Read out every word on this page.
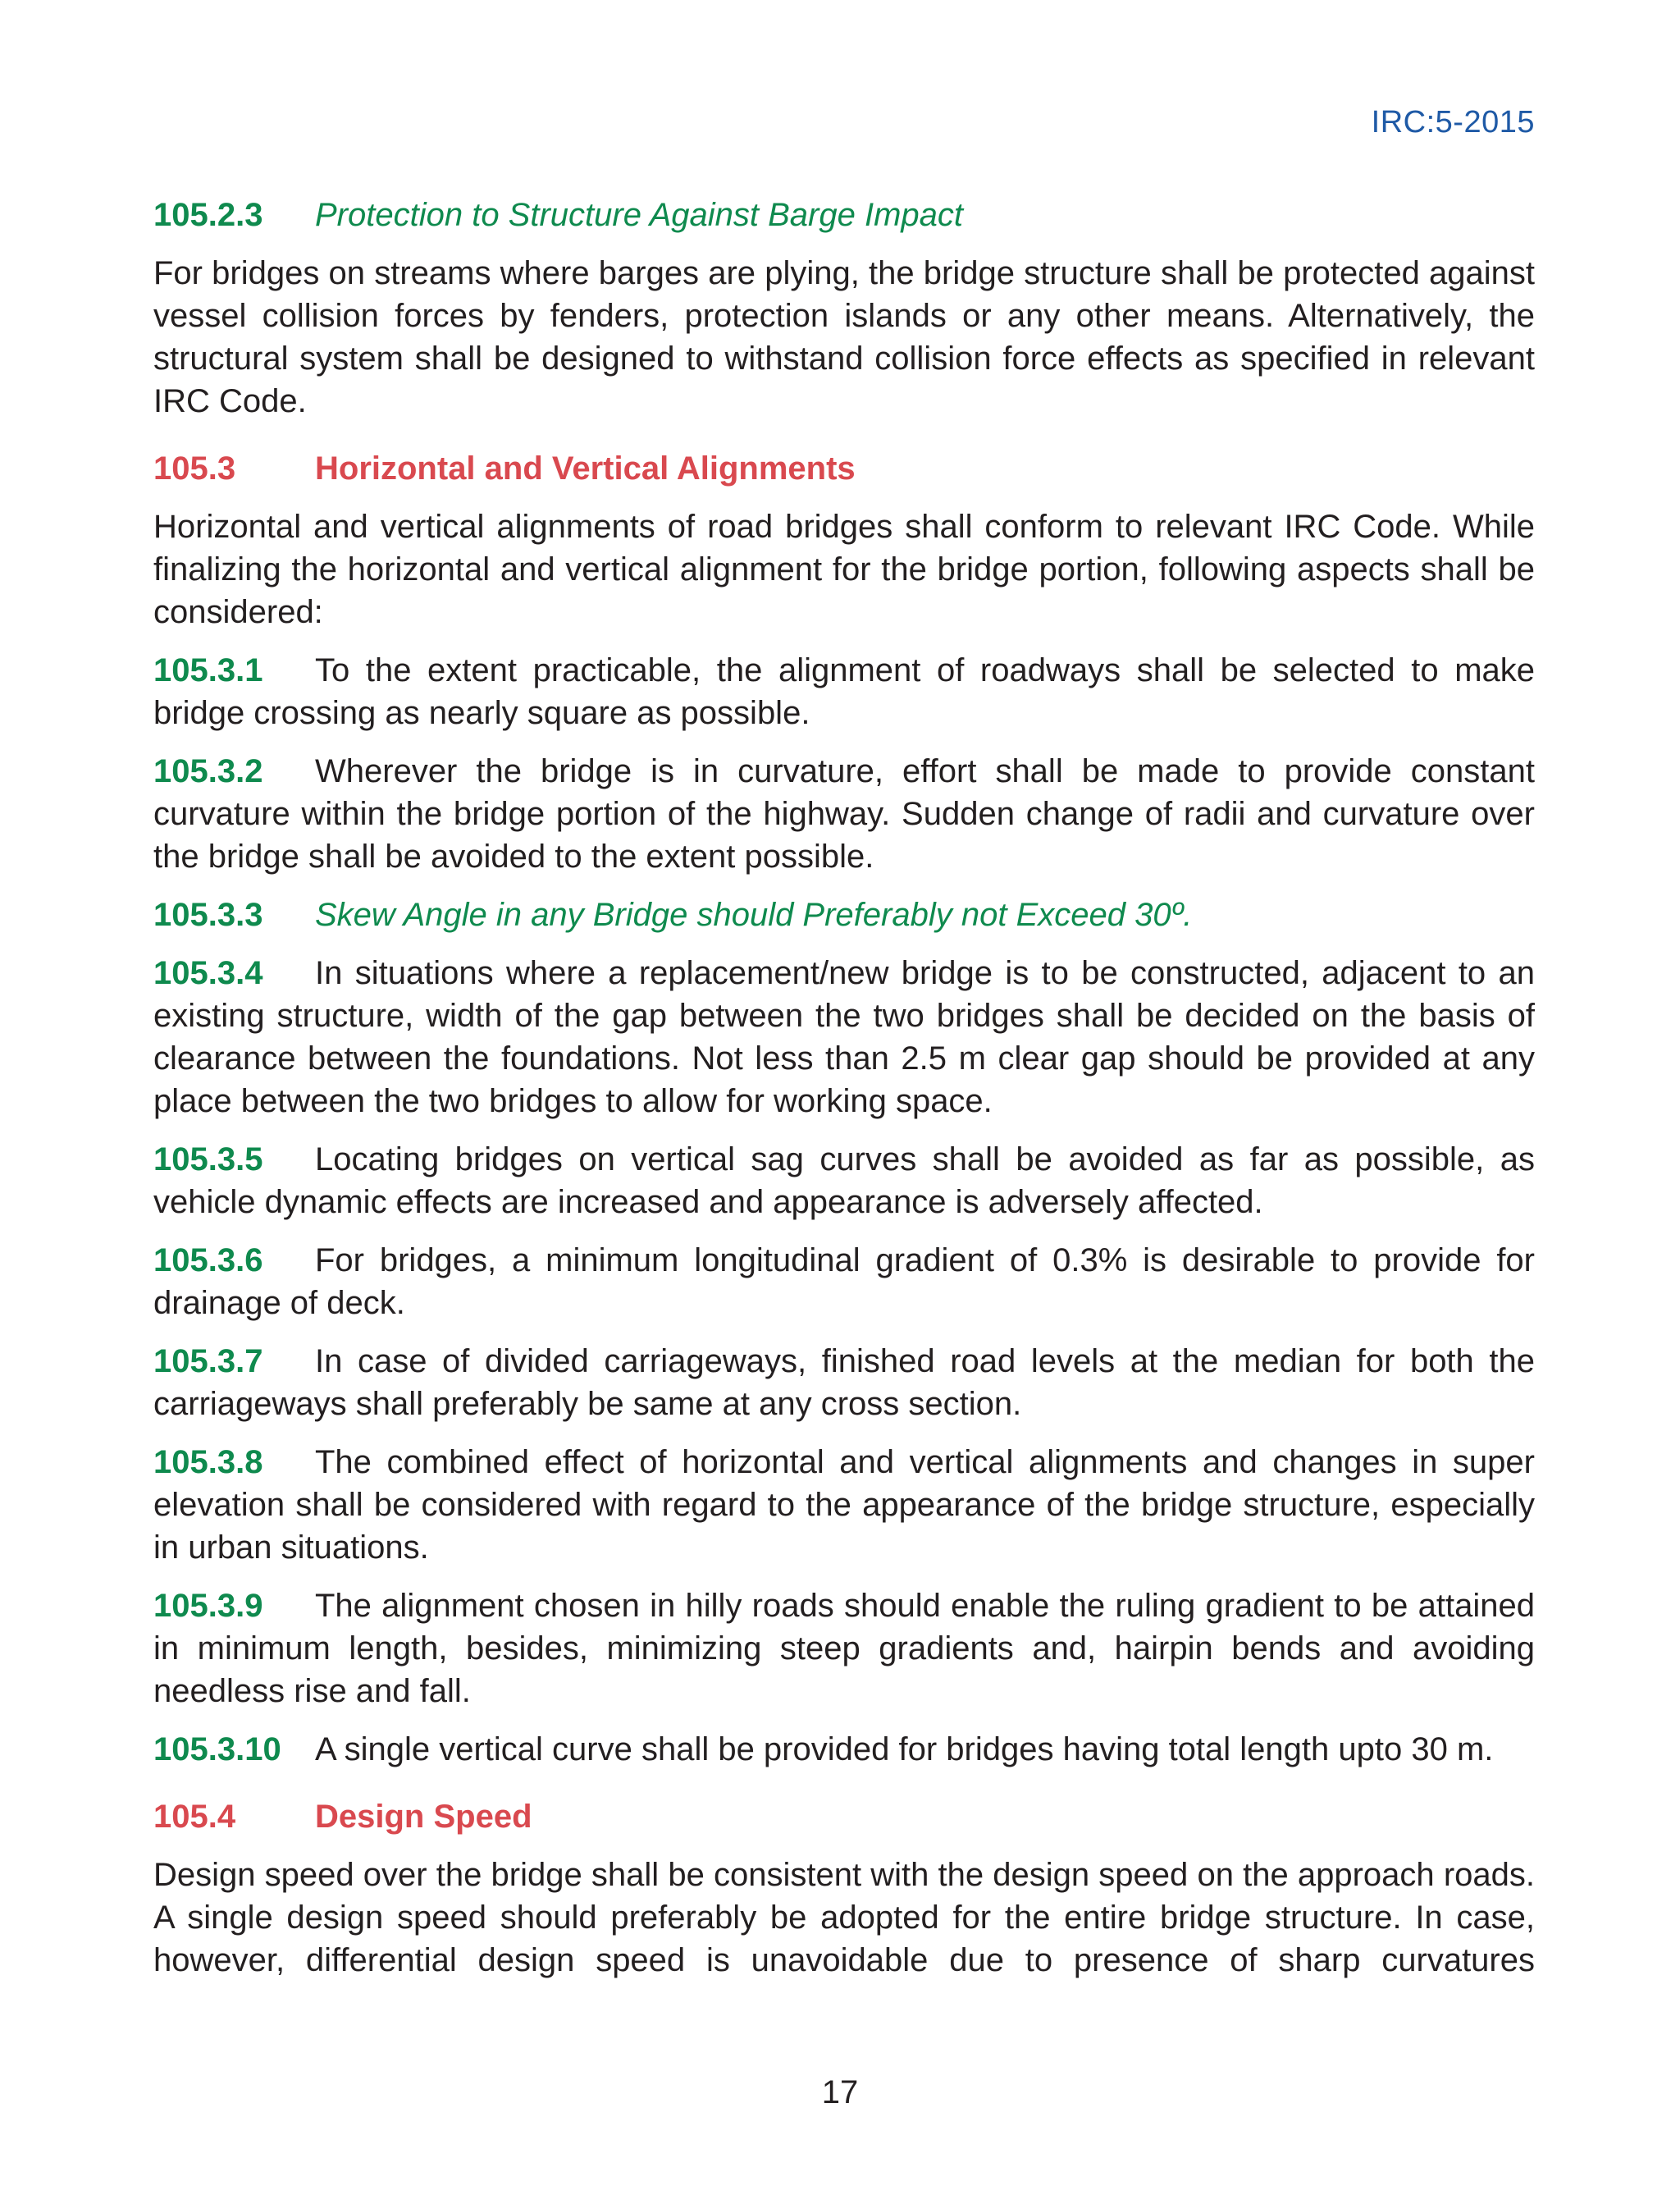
IRC:5-2015

105.2.3 Protection to Structure Against Barge Impact

For bridges on streams where barges are plying, the bridge structure shall be protected against vessel collision forces by fenders, protection islands or any other means. Alternatively, the structural system shall be designed to withstand collision force effects as specified in relevant IRC Code.

105.3 Horizontal and Vertical Alignments

Horizontal and vertical alignments of road bridges shall conform to relevant IRC Code. While finalizing the horizontal and vertical alignment for the bridge portion, following aspects shall be considered:

105.3.1 To the extent practicable, the alignment of roadways shall be selected to make bridge crossing as nearly square as possible.

105.3.2 Wherever the bridge is in curvature, effort shall be made to provide constant curvature within the bridge portion of the highway. Sudden change of radii and curvature over the bridge shall be avoided to the extent possible.

105.3.3 Skew Angle in any Bridge should Preferably not Exceed 30º.

105.3.4 In situations where a replacement/new bridge is to be constructed, adjacent to an existing structure, width of the gap between the two bridges shall be decided on the basis of clearance between the foundations. Not less than 2.5 m clear gap should be provided at any place between the two bridges to allow for working space.

105.3.5 Locating bridges on vertical sag curves shall be avoided as far as possible, as vehicle dynamic effects are increased and appearance is adversely affected.

105.3.6 For bridges, a minimum longitudinal gradient of 0.3% is desirable to provide for drainage of deck.

105.3.7 In case of divided carriageways, finished road levels at the median for both the carriageways shall preferably be same at any cross section.

105.3.8 The combined effect of horizontal and vertical alignments and changes in super elevation shall be considered with regard to the appearance of the bridge structure, especially in urban situations.

105.3.9 The alignment chosen in hilly roads should enable the ruling gradient to be attained in minimum length, besides, minimizing steep gradients and, hairpin bends and avoiding needless rise and fall.

105.3.10 A single vertical curve shall be provided for bridges having total length upto 30 m.

105.4 Design Speed

Design speed over the bridge shall be consistent with the design speed on the approach roads. A single design speed should preferably be adopted for the entire bridge structure. In case, however, differential design speed is unavoidable due to presence of sharp curvatures

17
